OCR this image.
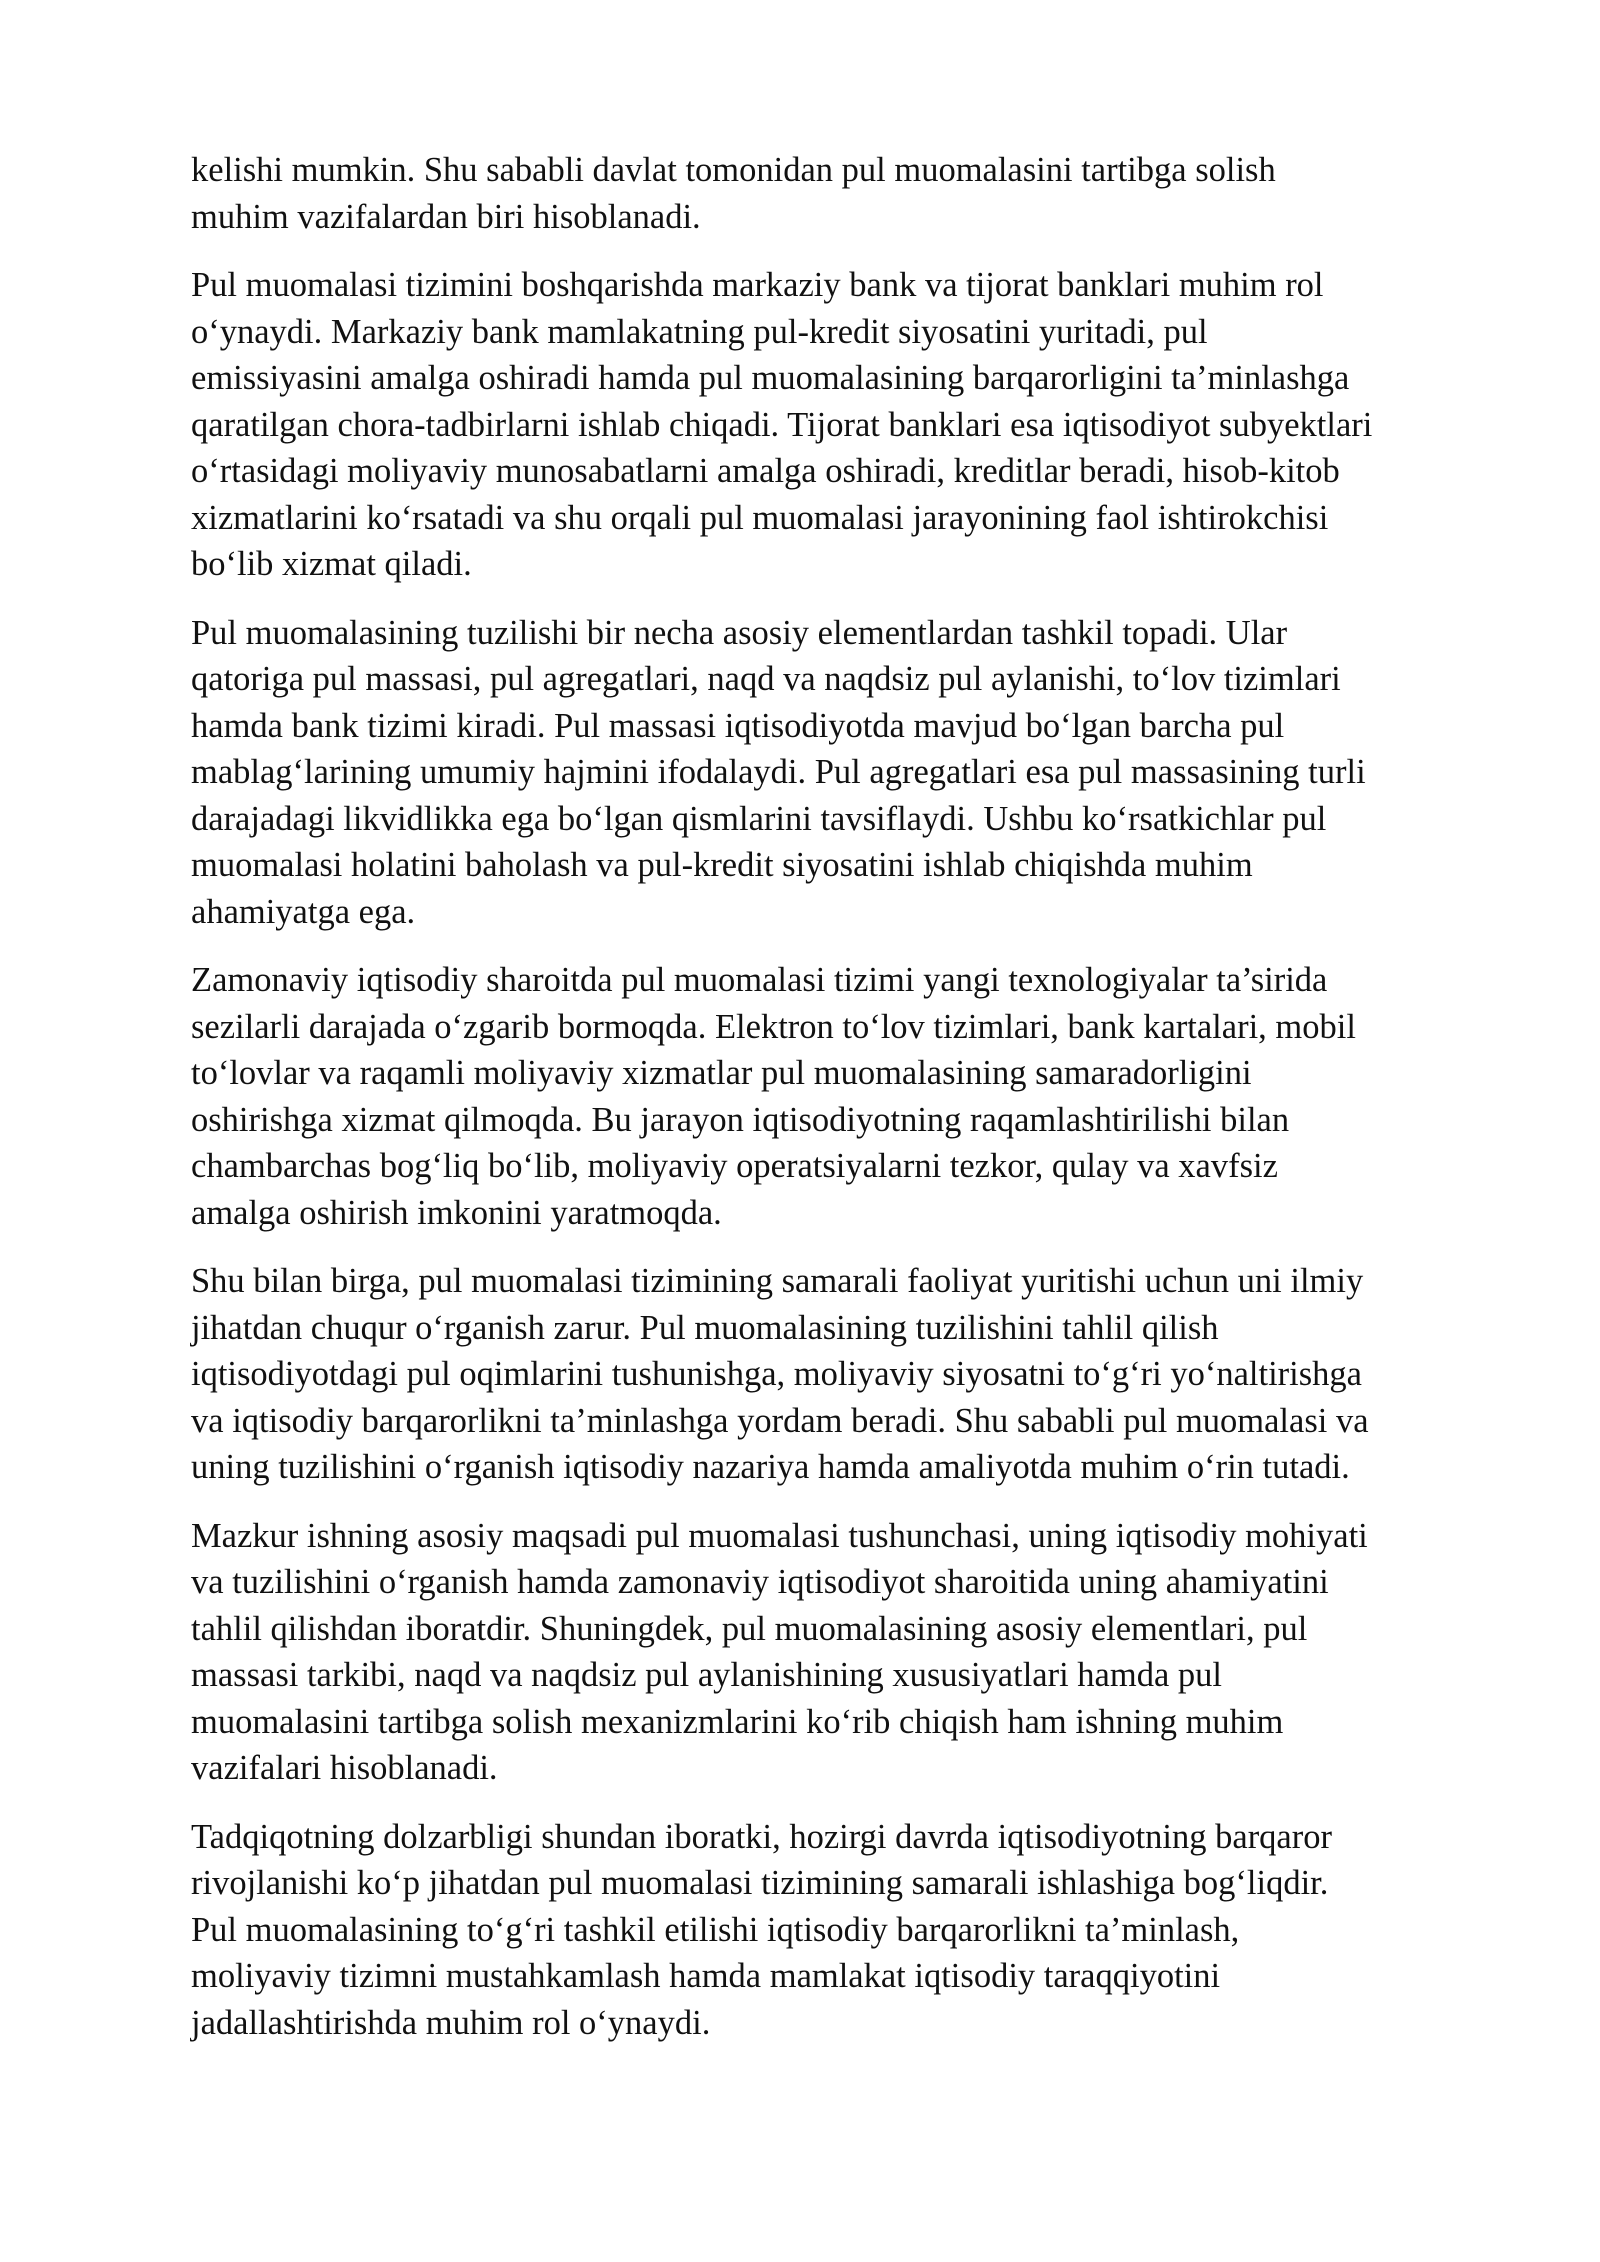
kelishi mumkin. Shu sababli davlat tomonidan pul muomalasini tartibga solish
muhim vazifalardan biri hisoblanadi.

Pul muomalasi tizimini boshqarishda markaziy bank va tijorat banklari muhim rol
o‘ynaydi. Markaziy bank mamlakatning pul-kredit siyosatini yuritadi, pul
emissiyasini amalga oshiradi hamda pul muomalasining barqarorligini ta’minlashga
qaratilgan chora-tadbirlarni ishlab chiqadi. Tijorat banklari esa iqtisodiyot subyektlari
o‘rtasidagi moliyaviy munosabatlarni amalga oshiradi, kreditlar beradi, hisob-kitob
xizmatlarini ko‘rsatadi va shu orqali pul muomalasi jarayonining faol ishtirokchisi
bo‘lib xizmat qiladi.

Pul muomalasining tuzilishi bir necha asosiy elementlardan tashkil topadi. Ular
qatoriga pul massasi, pul agregatlari, naqd va naqdsiz pul aylanishi, to‘lov tizimlari
hamda bank tizimi kiradi. Pul massasi iqtisodiyotda mavjud bo‘lgan barcha pul
mablag‘larining umumiy hajmini ifodalaydi. Pul agregatlari esa pul massasining turli
darajadagi likvidlikka ega bo‘lgan qismlarini tavsiflaydi. Ushbu ko‘rsatkichlar pul
muomalasi holatini baholash va pul-kredit siyosatini ishlab chiqishda muhim
ahamiyatga ega.

Zamonaviy iqtisodiy sharoitda pul muomalasi tizimi yangi texnologiyalar ta’sirida
sezilarli darajada o‘zgarib bormoqda. Elektron to‘lov tizimlari, bank kartalari, mobil
to‘lovlar va raqamli moliyaviy xizmatlar pul muomalasining samaradorligini
oshirishga xizmat qilmoqda. Bu jarayon iqtisodiyotning raqamlashtirilishi bilan
chambarchas bog‘liq bo‘lib, moliyaviy operatsiyalarni tezkor, qulay va xavfsiz
amalga oshirish imkonini yaratmoqda.

Shu bilan birga, pul muomalasi tizimining samarali faoliyat yuritishi uchun uni ilmiy
jihatdan chuqur o‘rganish zarur. Pul muomalasining tuzilishini tahlil qilish
iqtisodiyotdagi pul oqimlarini tushunishga, moliyaviy siyosatni to‘g‘ri yo‘naltirishga
va iqtisodiy barqarorlikni ta’minlashga yordam beradi. Shu sababli pul muomalasi va
uning tuzilishini o‘rganish iqtisodiy nazariya hamda amaliyotda muhim o‘rin tutadi.

Mazkur ishning asosiy maqsadi pul muomalasi tushunchasi, uning iqtisodiy mohiyati
va tuzilishini o‘rganish hamda zamonaviy iqtisodiyot sharoitida uning ahamiyatini
tahlil qilishdan iboratdir. Shuningdek, pul muomalasining asosiy elementlari, pul
massasi tarkibi, naqd va naqdsiz pul aylanishining xususiyatlari hamda pul
muomalasini tartibga solish mexanizmlarini ko‘rib chiqish ham ishning muhim
vazifalari hisoblanadi.

Tadqiqotning dolzarbligi shundan iboratki, hozirgi davrda iqtisodiyotning barqaror
rivojlanishi ko‘p jihatdan pul muomalasi tizimining samarali ishlashiga bog‘liqdir.
Pul muomalasining to‘g‘ri tashkil etilishi iqtisodiy barqarorlikni ta’minlash,
moliyaviy tizimni mustahkamlash hamda mamlakat iqtisodiy taraqqiyotini
jadallashtirishda muhim rol o‘ynaydi.
